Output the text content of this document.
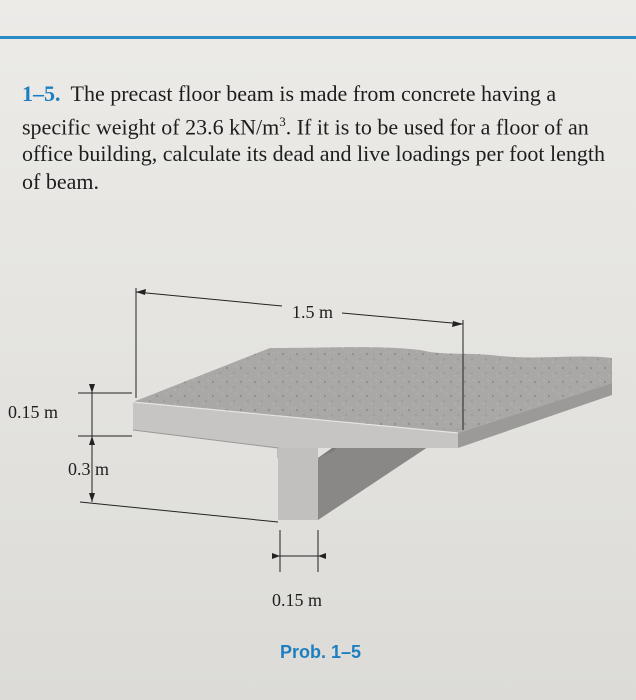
1–5. The precast floor beam is made from concrete having a specific weight of 23.6 $kN/m^3$. If it is to be used for a floor of an office building, calculate its dead and live loadings per foot length of beam.
1.5 m
0.15 m
0.3 m
0.15 m
Prob. 1–5
